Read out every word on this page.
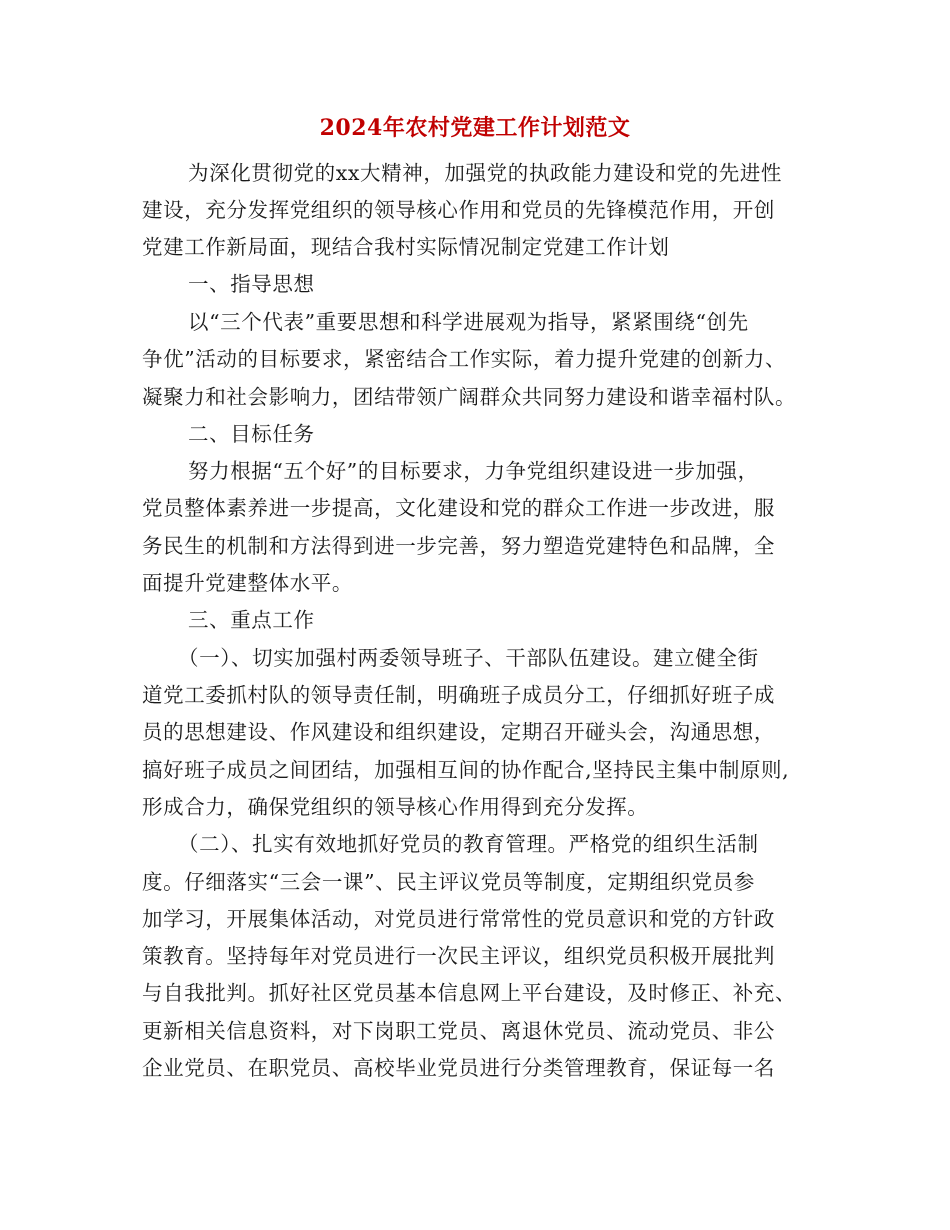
2024年农村党建工作计划范文

为深化贯彻党的xx大精神，加强党的执政能力建设和党的先进性

建设，充分发挥党组织的领导核心作用和党员的先锋模范作用，开创

党建工作新局面，现结合我村实际情况制定党建工作计划

一、指导思想

以“三个代表”重要思想和科学进展观为指导，紧紧围绕“创先

争优”活动的目标要求，紧密结合工作实际，着力提升党建的创新力、

凝聚力和社会影响力，团结带领广阔群众共同努力建设和谐幸福村队。

二、目标任务

努力根据“五个好”的目标要求，力争党组织建设进一步加强，

党员整体素养进一步提高，文化建设和党的群众工作进一步改进，服

务民生的机制和方法得到进一步完善，努力塑造党建特色和品牌，全

面提升党建整体水平。

三、重点工作

（一）、切实加强村两委领导班子、干部队伍建设。建立健全街

道党工委抓村队的领导责任制，明确班子成员分工，仔细抓好班子成

员的思想建设、作风建设和组织建设，定期召开碰头会，沟通思想，

搞好班子成员之间团结，加强相互间的协作配合,坚持民主集中制原则,

形成合力，确保党组织的领导核心作用得到充分发挥。

（二）、扎实有效地抓好党员的教育管理。严格党的组织生活制

度。仔细落实“三会一课”、民主评议党员等制度，定期组织党员参

加学习，开展集体活动，对党员进行常常性的党员意识和党的方针政

策教育。坚持每年对党员进行一次民主评议，组织党员积极开展批判

与自我批判。抓好社区党员基本信息网上平台建设，及时修正、补充、

更新相关信息资料，对下岗职工党员、离退休党员、流动党员、非公

企业党员、在职党员、高校毕业党员进行分类管理教育，保证每一名
